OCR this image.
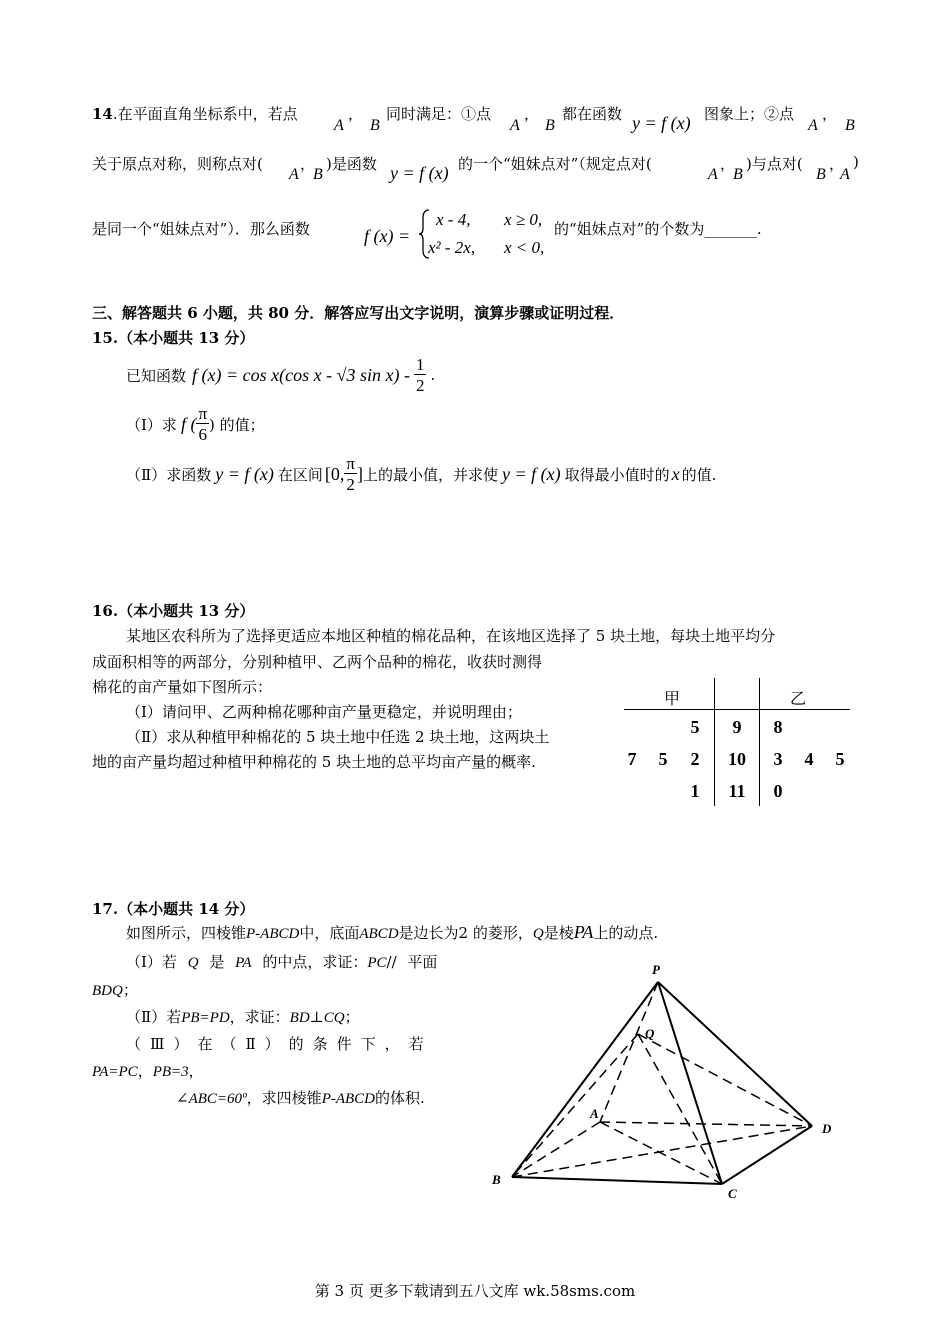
14.在平面直角坐标系中，若点
A
，
B
同时满足：①点
A
，
B
都在函数 y = f (x) 图象上；②点
A
，
B
关于原点对称，则称点对(
A
，
B
)是函数 y = f (x) 的一个“姐妹点对”（规定点对(
A
，
B
)与点对(
B
，
A
)
是同一个“姐妹点对”）．那么函数	f (x) =
x - 4, x ≥ 0,
x² - 2x, x < 0,
的“姐妹点对”的个数为_______.
三、解答题共 6 小题，共 80 分．解答应写出文字说明，演算步骤或证明过程．
15.（本小题共 13 分）
已知函数 f (x) = cos x(cos x - √3 $\sin x) - \frac{1}{2}$ .
（Ⅰ）求 f ( $\frac{\pi}{6}$ ) 的值；
（Ⅱ）求函数 y = f (x) 在区间 [0, $\frac{\pi}{2}$ ] 上的最小值，并求使 y = f (x) 取得最小值时的 x 的值.
16.（本小题共 13 分）
某地区农科所为了选择更适应本地区种植的棉花品种，在该地区选择了 5 块土地，每块土地平均分
成面积相等的两部分，分别种植甲、乙两个品种的棉花，收获时测得
棉花的亩产量如下图所示：
（Ⅰ）请问甲、乙两种棉花哪种亩产量更稳定，并说明理由；
（Ⅱ）求从种植甲种棉花的 5 块土地中任选 2 块土地，这两块土
地的亩产量均超过种植甲种棉花的 5 块土地的总平均亩产量的概率.
甲	乙
5	9	8
7	5	2	10	3	4	5
1	11	0
17.（本小题共 14 分）
如图所示，四棱锥P-ABCD中，底面ABCD是边长为2 的菱形，Q是棱PA上的动点.
（Ⅰ）若 Q 是 PA 的中点，求证：PC// 平面
BDQ；
（Ⅱ）若PB=PD，求证：BD⊥CQ；
（Ⅲ）在（Ⅱ）的条件下，若
PA=PC，PB=3，
∠ABC=60º，求四棱锥P-ABCD的体积.
P
Q
A
B
C
D
第 3 页 更多下载请到五八文库 wk.58sms.com
